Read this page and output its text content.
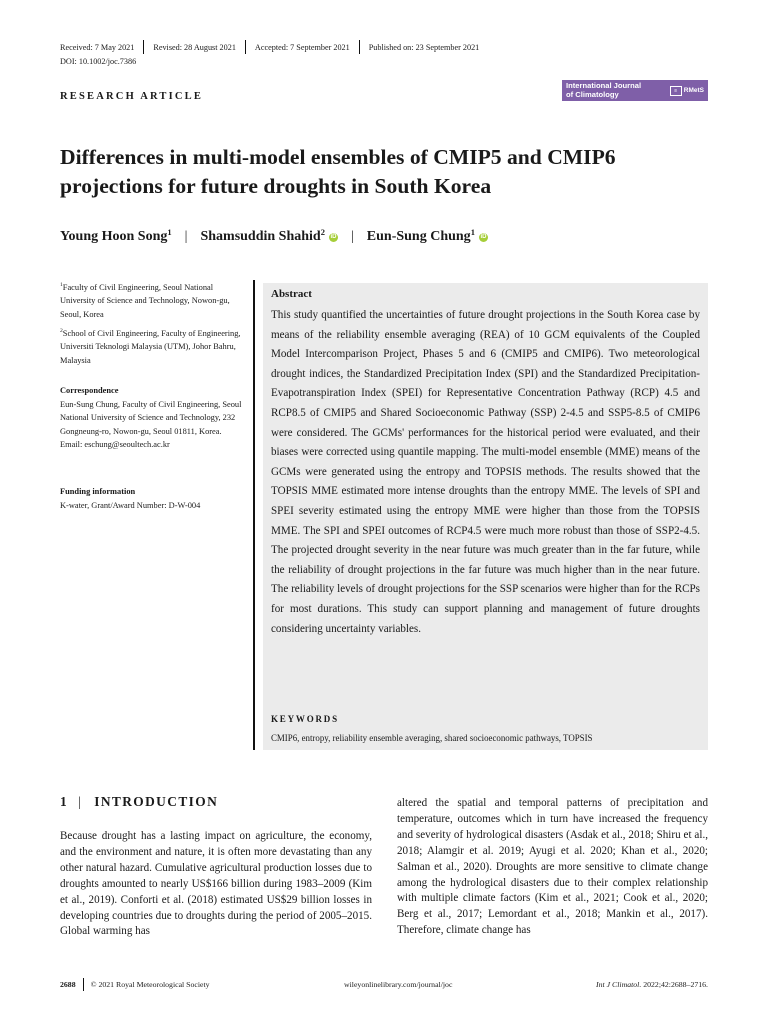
Received: 7 May 2021	Revised: 28 August 2021	Accepted: 7 September 2021	Published on: 23 September 2021
DOI: 10.1002/joc.7386
RESEARCH ARTICLE
International Journal
of Climatology	≡	RMetS
Differences in multi-model ensembles of CMIP5 and CMIP6 projections for future droughts in South Korea
Young Hoon Song$^1$ | Shamsuddin Shahid$^2$ iD	| Eun-Sung Chung$^1$ iD
$^1$Faculty of Civil Engineering, Seoul National University of Science and Technology, Nowon-gu, Seoul, Korea
$^2$School of Civil Engineering, Faculty of Engineering, Universiti Teknologi Malaysia (UTM), Johor Bahru, Malaysia
Correspondence
Eun-Sung Chung, Faculty of Civil Engineering, Seoul National University of Science and Technology, 232 Gongneung-ro, Nowon-gu, Seoul 01811, Korea.
Email: eschung@seoultech.ac.kr
Funding information
K-water, Grant/Award Number: D-W-004
Abstract
This study quantified the uncertainties of future drought projections in the South Korea case by means of the reliability ensemble averaging (REA) of 10 GCM equivalents of the Coupled Model Intercomparison Project, Phases 5 and 6 (CMIP5 and CMIP6). Two meteorological drought indices, the Standardized Precipitation Index (SPI) and the Standardized Precipitation-Evapotranspiration Index (SPEI) for Representative Concentration Pathway (RCP) 4.5 and RCP8.5 of CMIP5 and Shared Socioeconomic Pathway (SSP) 2-4.5 and SSP5-8.5 of CMIP6 were considered. The GCMs' performances for the historical period were evaluated, and their biases were corrected using quantile mapping. The multi-model ensemble (MME) means of the GCMs were generated using the entropy and TOPSIS methods. The results showed that the TOPSIS MME estimated more intense droughts than the entropy MME. The levels of SPI and SPEI severity estimated using the entropy MME were higher than those from the TOPSIS MME. The SPI and SPEI outcomes of RCP4.5 were much more robust than those of SSP2-4.5. The projected drought severity in the near future was much greater than in the far future, while the reliability of drought projections in the far future was much higher than in the near future. The reliability levels of drought projections for the SSP scenarios were higher than for the RCPs for most durations. This study can support planning and management of future droughts considering uncertainty variables.
KEYWORDS
CMIP6, entropy, reliability ensemble averaging, shared socioeconomic pathways, TOPSIS
1 | INTRODUCTION
Because drought has a lasting impact on agriculture, the economy, and the environment and nature, it is often more devastating than any other natural hazard. Cumulative agricultural production losses due to droughts amounted to nearly US$166 billion during 1983–2009 (Kim et al., 2019). Conforti et al. (2018) estimated US$29 billion losses in developing countries due to droughts during the period of 2005–2015. Global warming has
altered the spatial and temporal patterns of precipitation and temperature, outcomes which in turn have increased the frequency and severity of hydrological disasters (Asdak et al., 2018; Shiru et al., 2018; Alamgir et al. 2019; Ayugi et al. 2020; Khan et al., 2020; Salman et al., 2020). Droughts are more sensitive to climate change among the hydrological disasters due to their complex relationship with multiple climate factors (Kim et al., 2021; Cook et al., 2020; Berg et al., 2017; Lemordant et al., 2018; Mankin et al., 2017). Therefore, climate change has
2688 © 2021 Royal Meteorological Society	wileyonlinelibrary.com/journal/joc	Int J Climatol. 2022;42:2688–2716.
